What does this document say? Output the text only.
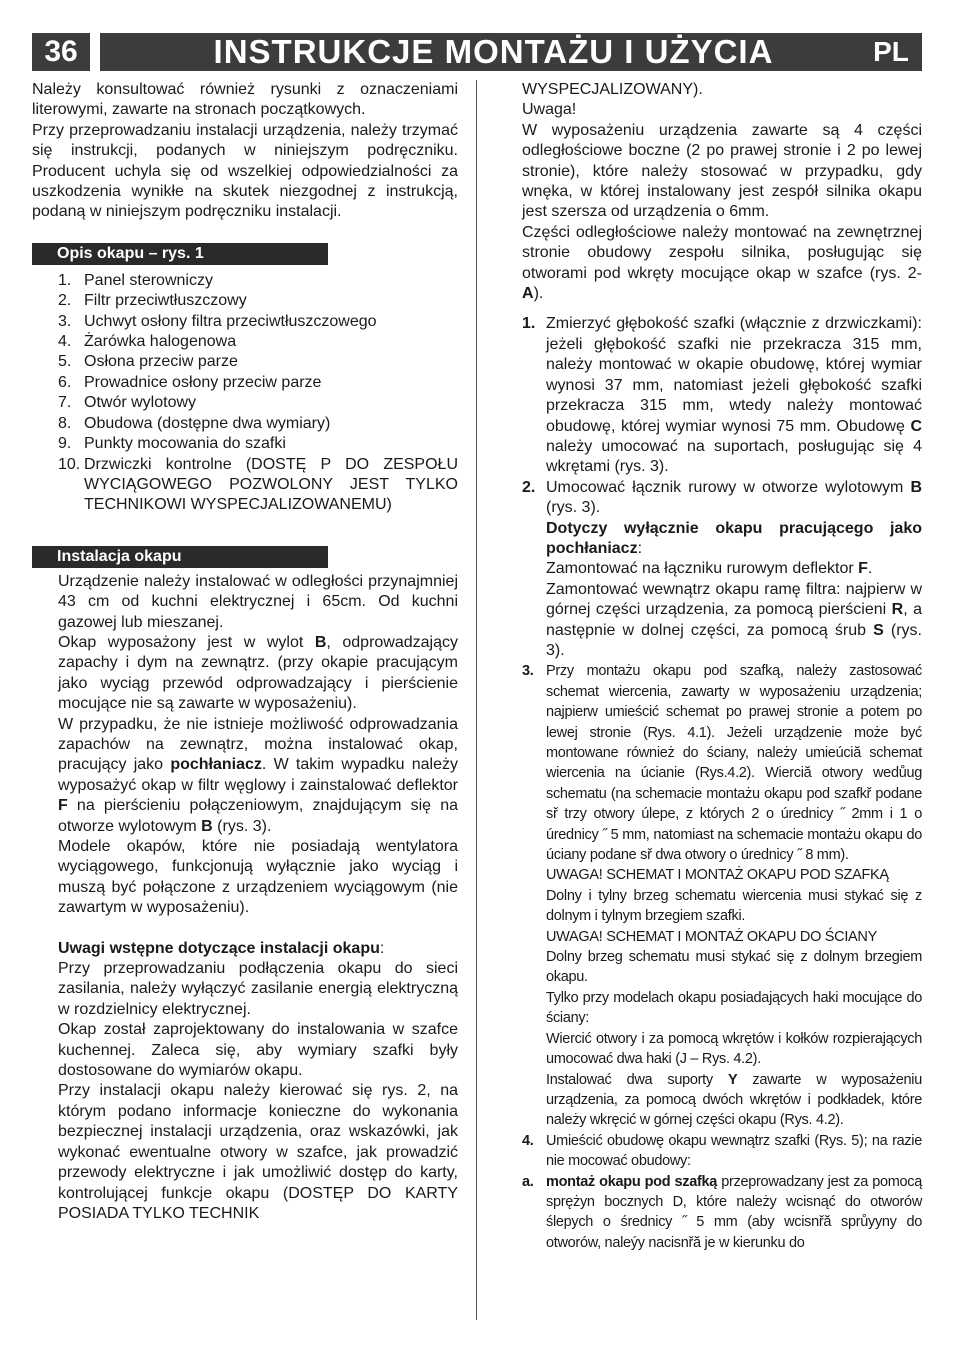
36	INSTRUKCJE MONTAŻU I UŻYCIA	PL

Należy konsultować również rysunki z oznaczeniami literowymi, zawarte na stronach początkowych.

Przy przeprowadzaniu instalacji urządzenia, należy trzymać się instrukcji, podanych w niniejszym podręczniku. Producent uchyla się od wszelkiej odpowiedzialności za uszkodzenia wynikłe na skutek niezgodnej z instrukcją, podaną w niniejszym podręczniku instalacji.

Opis okapu – rys. 1
1. Panel sterowniczy
2. Filtr przeciwtłuszczowy
3. Uchwyt osłony filtra przeciwtłuszczowego
4. Żarówka halogenowa
5. Osłona przeciw parze
6. Prowadnice osłony przeciw parze
7. Otwór wylotowy
8. Obudowa (dostępne dwa wymiary)
9. Punkty mocowania do szafki
10. Drzwiczki kontrolne (DOSTĘ P DO ZESPOŁU WYCIĄGOWEGO POZWOLONY JEST TYLKO TECHNIKOWI WYSPECJALIZOWANEMU)
Instalacja okapu

Urządzenie należy instalować w odległości przynajmniej 43 cm od kuchni elektrycznej i 65cm. Od kuchni gazowej lub mieszanej.

Okap wyposażony jest w wylot B, odprowadzający zapachy i dym na zewnątrz. (przy okapie pracującym jako wyciąg przewód odprowadzający i pierścienie mocujące nie są zawarte w wyposażeniu).

W przypadku, że nie istnieje możliwość odprowadzania zapachów na zewnątrz, można instalować okap, pracujący jako pochłaniacz. W takim wypadku należy wyposażyć okap w filtr węglowy i zainstalować deflektor F na pierścieniu połączeniowym, znajdującym się na otworze wylotowym B (rys. 3).

Modele okapów, które nie posiadają wentylatora wyciągowego, funkcjonują wyłącznie jako wyciąg i muszą być połączone z urządzeniem wyciągowym (nie zawartym w wyposażeniu).

Uwagi wstępne dotyczące instalacji okapu:

Przy przeprowadzaniu podłączenia okapu do sieci zasilania, należy wyłączyć zasilanie energią elektryczną w rozdzielnicy elektrycznej.

Okap został zaprojektowany do instalowania w szafce kuchennej. Zaleca się, aby wymiary szafki były dostosowane do wymiarów okapu.

Przy instalacji okapu należy kierować się rys. 2, na którym podano informacje konieczne do wykonania bezpiecznej instalacji urządzenia, oraz wskazówki, jak wykonać ewentualne otwory w szafce, jak prowadzić przewody elektryczne i jak umożliwić dostęp do karty, kontrolującej funkcje okapu (DOSTĘP DO KARTY POSIADA TYLKO TECHNIK

WYSPECJALIZOWANY).

Uwaga!

W wyposażeniu urządzenia zawarte są 4 części odległościowe boczne (2 po prawej stronie i 2 po lewej stronie), które należy stosować w przypadku, gdy wnęka, w której instalowany jest zespół silnika okapu jest szersza od urządzenia o 6mm.

Części odległościowe należy montować na zewnętrznej stronie obudowy zespołu silnika, posługując się otworami pod wkręty mocujące okap w szafce (rys. 2-A).

1. Zmierzyć głębokość szafki (włącznie z drzwiczkami): jeżeli głębokość szafki nie przekracza 315 mm, należy montować w okapie obudowę, której wymiar wynosi 37 mm, natomiast jeżeli głębokość szafki przekracza 315 mm, wtedy należy montować obudowę, której wymiar wynosi 75 mm. Obudowę C należy umocować na suportach, posługując się 4 wkrętami (rys. 3).

2. Umocować łącznik rurowy w otworze wylotowym B (rys. 3).

Dotyczy wyłącznie okapu pracującego jako pochłaniacz:

Zamontować na łączniku rurowym deflektor F.

Zamontować wewnątrz okapu ramę filtra: najpierw w górnej części urządzenia, za pomocą pierścieni R, a następnie w dolnej części, za pomocą śrub S (rys. 3).

3. Przy montażu okapu pod szafką, należy zastosować schemat wiercenia, zawarty w wyposażeniu urządzenia; najpierw umieścić schemat po prawej stronie a potem po lewej stronie (Rys. 4.1). Jeżeli urządzenie może być montowane również do ściany, należy umieúciă schemat wiercenia na úcianie (Rys.4.2). Wierciă otwory wedůug schematu (na schemacie montażu okapu pod szafkř podane sř trzy otwory úlepe, z których 2 o úrednicy ˝ 2mm i 1 o úrednicy ˝ 5 mm, natomiast na schemacie montażu okapu do úciany podane sř dwa otwory o úrednicy ˝ 8 mm).

UWAGA! SCHEMAT I MONTAŻ OKAPU POD SZAFKĄ

Dolny i tylny brzeg schematu wiercenia musi stykać się z dolnym i tylnym brzegiem szafki.

UWAGA! SCHEMAT I MONTAŻ OKAPU DO ŚCIANY

Dolny brzeg schematu musi stykać się z dolnym brzegiem okapu.

Tylko przy modelach okapu posiadających haki mocujące do ściany:

Wiercić otwory i za pomocą wkrętów i kołków rozpierających umocować dwa haki (J – Rys. 4.2).

Instalować dwa suporty Y zawarte w wyposażeniu urządzenia, za pomocą dwóch wkrętów i podkładek, które należy wkręcić w górnej części okapu (Rys. 4.2).

4. Umieścić obudowę okapu wewnątrz szafki (Rys. 5); na razie nie mocować obudowy:

a. montaż okapu pod szafką przeprowadzany jest za pomocą sprężyn bocznych D, które należy wcisnąć do otworów ślepych o średnicy ˝ 5 mm (aby wcisnřă sprůyyny do otworów, naleýy nacisnřă je w kierunku do
